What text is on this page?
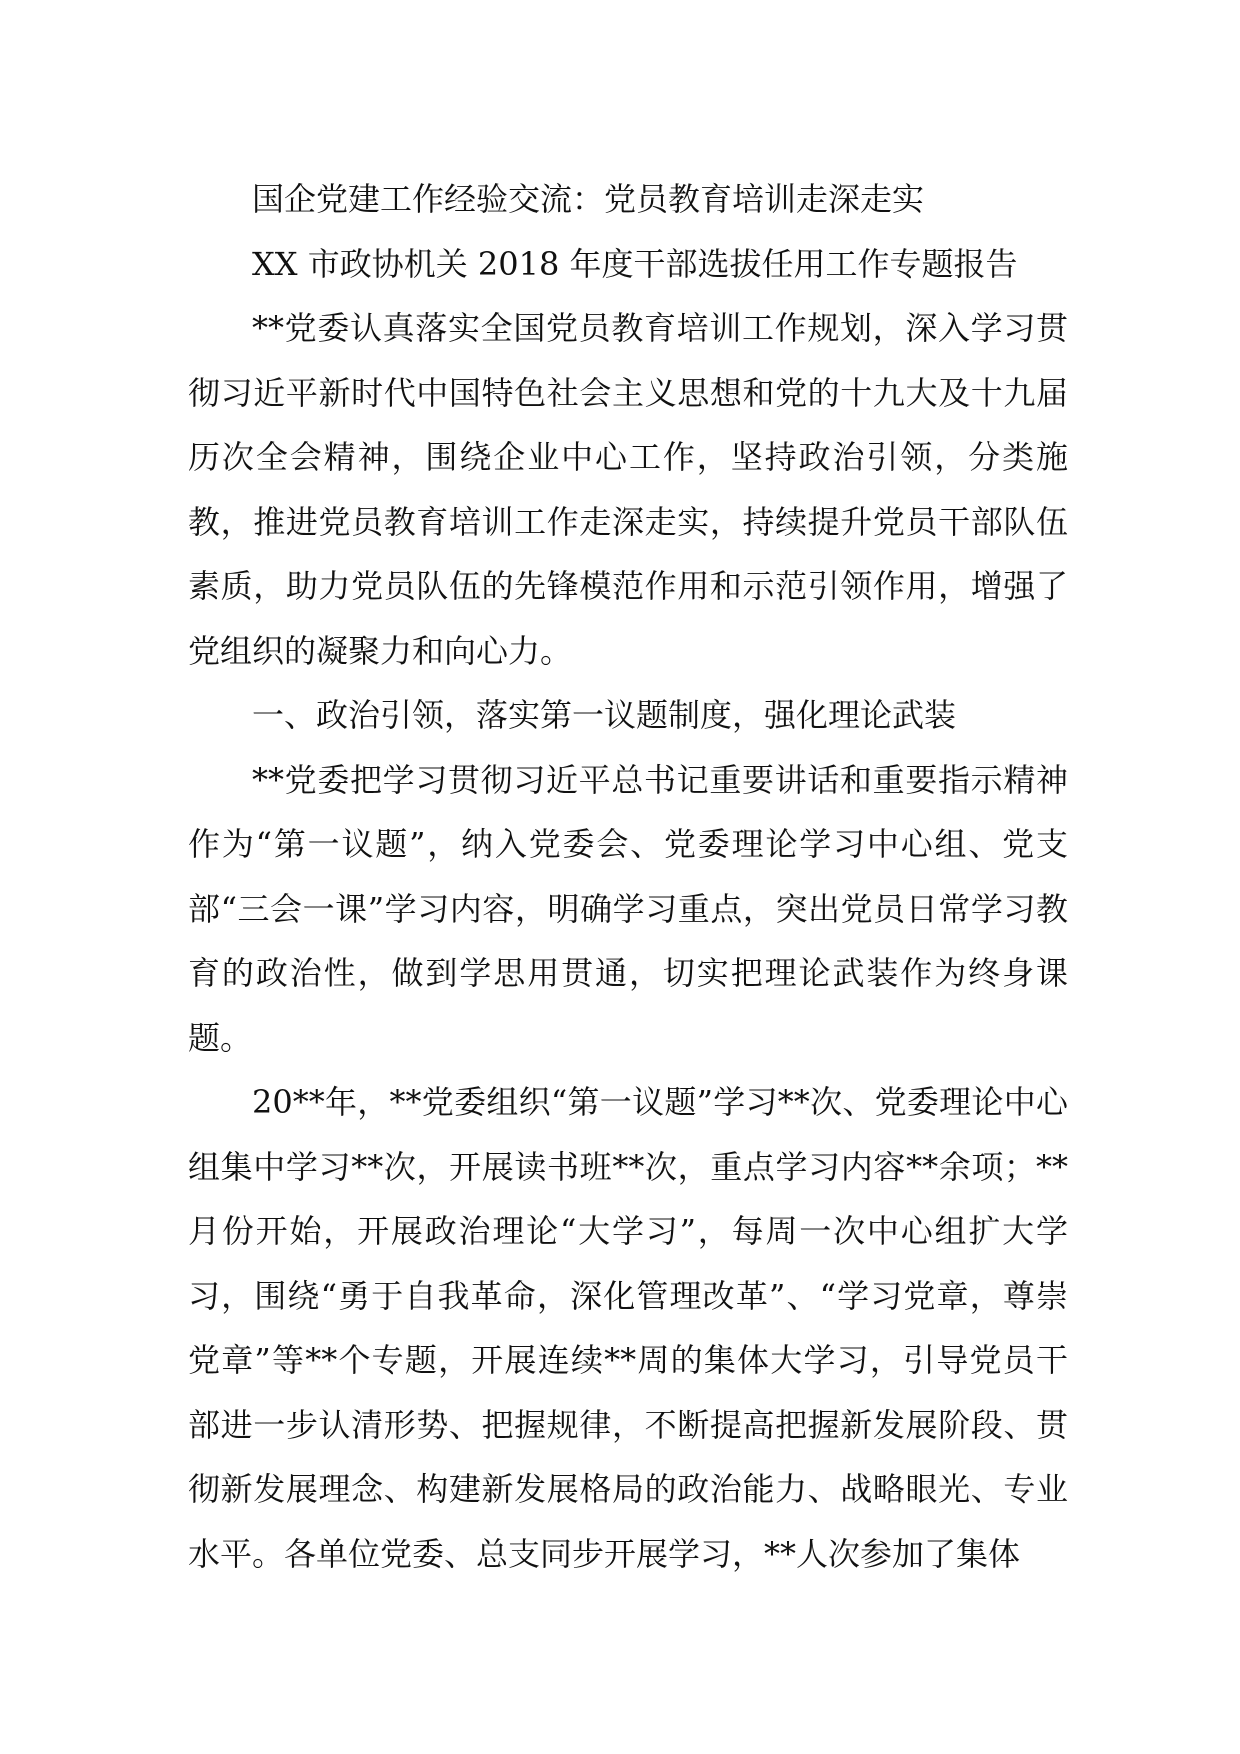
国企党建工作经验交流：党员教育培训走深走实

XX 市政协机关 2018 年度干部选拔任用工作专题报告

**党委认真落实全国党员教育培训工作规划，深入学习贯彻习近平新时代中国特色社会主义思想和党的十九大及十九届历次全会精神，围绕企业中心工作，坚持政治引领，分类施教，推进党员教育培训工作走深走实，持续提升党员干部队伍素质，助力党员队伍的先锋模范作用和示范引领作用，增强了党组织的凝聚力和向心力。

一、政治引领，落实第一议题制度，强化理论武装

**党委把学习贯彻习近平总书记重要讲话和重要指示精神作为“第一议题”，纳入党委会、党委理论学习中心组、党支部“三会一课”学习内容，明确学习重点，突出党员日常学习教育的政治性，做到学思用贯通，切实把理论武装作为终身课题。

20**年，**党委组织“第一议题”学习**次、党委理论中心组集中学习**次，开展读书班**次，重点学习内容**余项；**月份开始，开展政治理论“大学习”，每周一次中心组扩大学习，围绕“勇于自我革命，深化管理改革”、“学习党章，尊崇党章”等**个专题，开展连续**周的集体大学习，引导党员干部进一步认清形势、把握规律，不断提高把握新发展阶段、贯彻新发展理念、构建新发展格局的政治能力、战略眼光、专业水平。各单位党委、总支同步开展学习，**人次参加了集体
